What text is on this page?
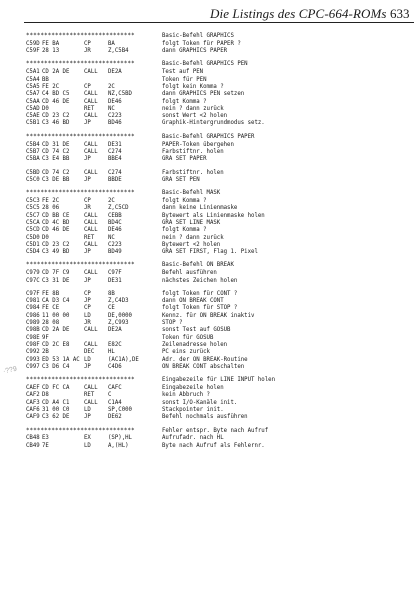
Die Listings des CPC-664-ROMs 633
·??9
******************************	Basic-Befehl GRAPHICS
C59D FE BA	CP	BA	folgt Token für PAPER ?
C59F 28 13	JR	Z,C5B4	dann GRAPHICS PAPER
******************************	Basic-Befehl GRAPHICS PEN
C5A1 CD 2A DE	CALL DE2A	Test auf PEN
C5A4 BB	Token für PEN
C5A5 FE 2C	CP	2C	folgt kein Komma ?
C5A7 C4 BD C5	CALL NZ,C5BD	dann GRAPHICS PEN setzen
C5AA CD 46 DE	CALL DE46	folgt Komma ?
C5AD D0	RET NC	nein ? dann zurück
C5AE CD 23 C2	CALL C223	sonst Wert <2 holen
C5B1 C3 46 BD	JP	BD46	Graphik-Hintergrundmodus setz.
******************************	Basic-Befehl GRAPHICS PAPER
C5B4 CD 31 DE	CALL DE31	PAPER-Token übergehen
C5B7 CD 74 C2	CALL C274	Farbstiftnr. holen
C5BA C3 E4 BB	JP	BBE4	GRA SET PAPER
C5BD CD 74 C2	CALL C274	Farbstiftnr. holen
C5C0 C3 DE BB	JP	BBDE	GRA SET PEN
******************************	Basic-Befehl MASK
C5C3 FE 2C	CP	2C	folgt Komma ?
C5C5 28 06	JR	Z,C5CD	dann keine Linienmaske
C5C7 CD BB CE	CALL CEBB	Bytewert als Linienmaske holen
C5CA CD 4C BD	CALL BD4C	GRA SET LINE MASK
C5CD CD 46 DE	CALL DE46	folgt Komma ?
C5D0 D0	RET NC	nein ? dann zurück
C5D1 CD 23 C2	CALL C223	Bytewert <2 holen
C5D4 C3 49 BD	JP	BD49	GRA SET FIRST, Flag 1. Pixel
******************************	Basic-Befehl ON BREAK
C979 CD 7F C9	CALL C97F	Befehl ausführen
C97C C3 31 DE	JP	DE31	nächstes Zeichen holen
C97F FE 8B	CP	8B	folgt Token für CONT ?
C981 CA D3 C4	JP	Z,C4D3	dann ON BREAK CONT
C984 FE CE	CP	CE	folgt Token für STOP ?
C986 11 00 00	LD	DE,0000	Kennz. für ON BREAK inaktiv
C989 28 08	JR	Z,C993	STOP ?
C98B CD 2A DE	CALL DE2A	sonst Test auf GOSUB
C98E 9F	Token für GOSUB
C98F CD 2C E8	CALL E82C	Zeilenadresse holen
C992 2B	DEC HL	PC eins zurück
C993 ED 53 1A AC LD	(AC1A),DE	Adr. der ON BREAK-Routine
C997 C3 D6 C4	JP	C4D6	ON BREAK CONT abschalten
******************************	Eingabezeile für LINE INPUT holen
CAEF CD FC CA	CALL CAFC	Eingabezeile holen
CAF2 D8	RET C	kein Abbruch ?
CAF3 CD A4 C1	CALL C1A4	sonst I/O-Kanäle init.
CAF6 31 00 C0	LD	SP,C000	Stackpointer init.
CAF9 C3 62 DE	JP	DE62	Befehl nochmals ausführen
******************************	Fehler entspr. Byte nach Aufruf
CB48 E3	EX	(SP),HL	Aufrufadr. nach HL
CB49 7E	LD	A,(HL)	Byte nach Aufruf als Fehlernr.
